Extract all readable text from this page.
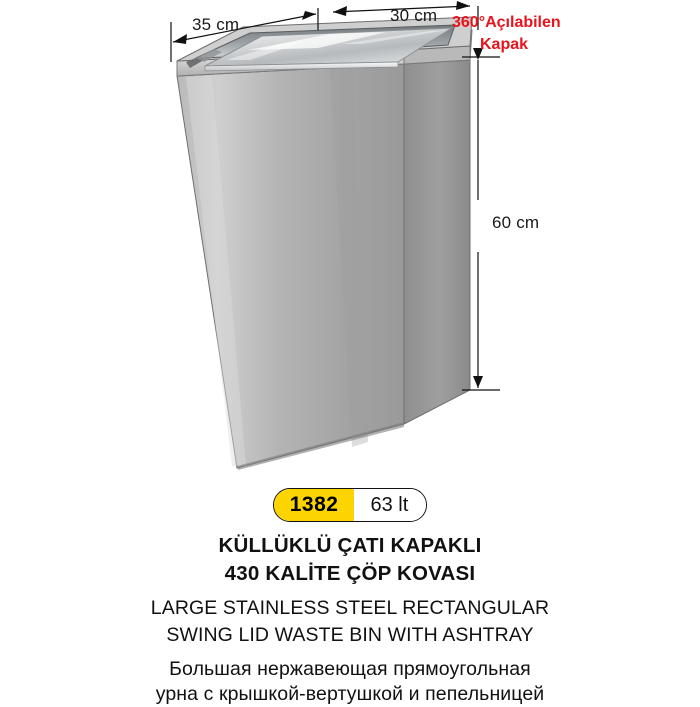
35 cm	30 cm
60 cm
360°Açılabilen
Kapak
1382 63 lt
KÜLLÜKLÜ ÇATI KAPAKLI
430 KALİTE ÇÖP KOVASI
LARGE STAINLESS STEEL RECTANGULAR
SWING LID WASTE BIN WITH ASHTRAY
Большая нержавеющая прямоугольная
урна с крышкой-вертушкой и пепельницей
